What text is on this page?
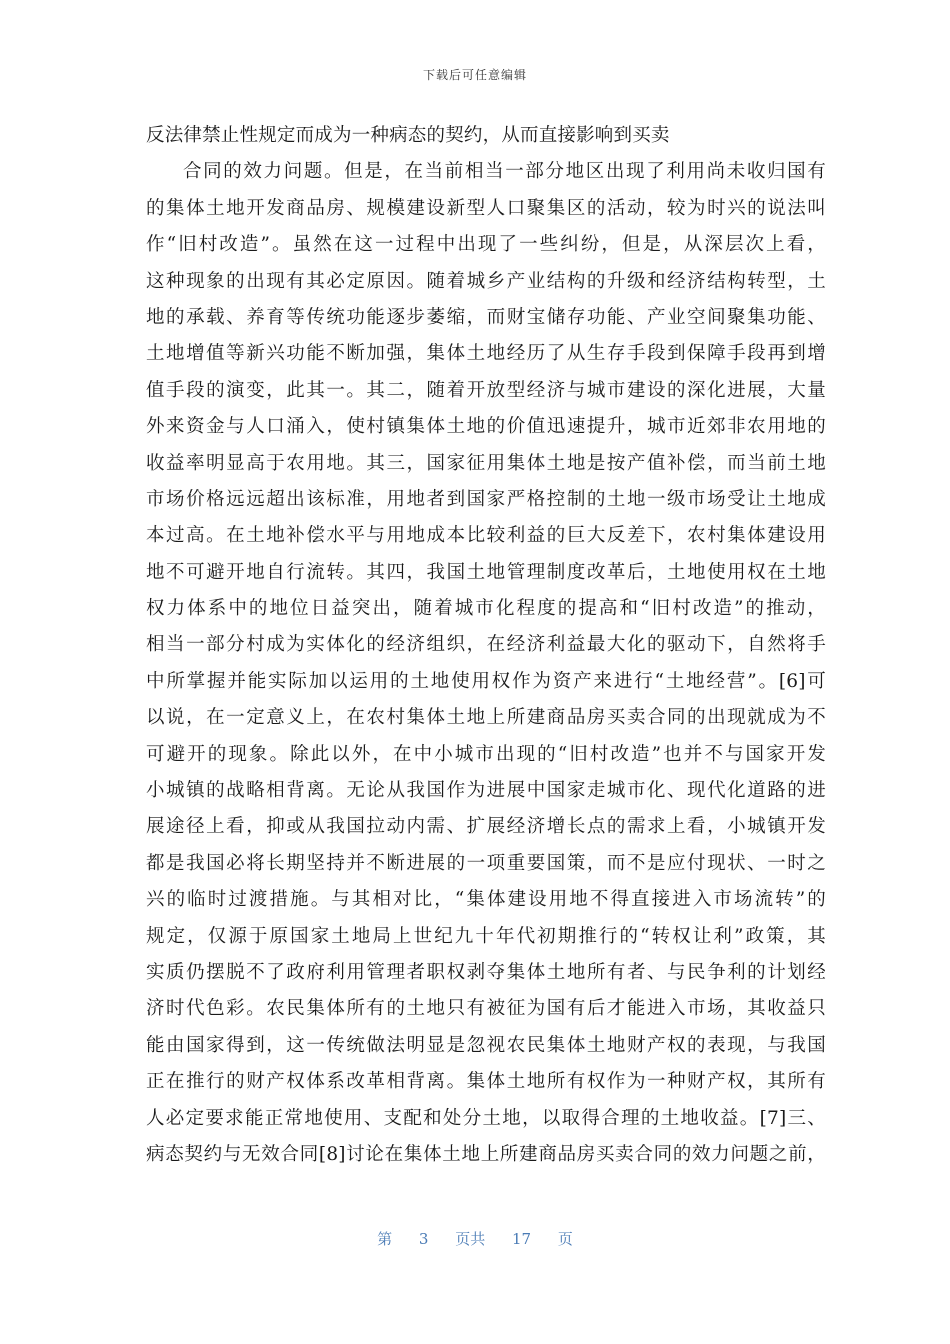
下载后可任意编辑
反法律禁止性规定而成为一种病态的契约，从而直接影响到买卖
合同的效力问题。但是，在当前相当一部分地区出现了利用尚未收归国有
的集体土地开发商品房、规模建设新型人口聚集区的活动，较为时兴的说法叫
作“旧村改造”。虽然在这一过程中出现了一些纠纷，但是，从深层次上看，
这种现象的出现有其必定原因。随着城乡产业结构的升级和经济结构转型，土
地的承载、养育等传统功能逐步萎缩，而财宝储存功能、产业空间聚集功能、
土地增值等新兴功能不断加强，集体土地经历了从生存手段到保障手段再到增
值手段的演变，此其一。其二，随着开放型经济与城市建设的深化进展，大量
外来资金与人口涌入，使村镇集体土地的价值迅速提升，城市近郊非农用地的
收益率明显高于农用地。其三，国家征用集体土地是按产值补偿，而当前土地
市场价格远远超出该标准，用地者到国家严格控制的土地一级市场受让土地成
本过高。在土地补偿水平与用地成本比较利益的巨大反差下，农村集体建设用
地不可避开地自行流转。其四，我国土地管理制度改革后，土地使用权在土地
权力体系中的地位日益突出，随着城市化程度的提高和“旧村改造”的推动，
相当一部分村成为实体化的经济组织，在经济利益最大化的驱动下，自然将手
中所掌握并能实际加以运用的土地使用权作为资产来进行“土地经营”。[6]可
以说，在一定意义上，在农村集体土地上所建商品房买卖合同的出现就成为不
可避开的现象。除此以外，在中小城市出现的“旧村改造”也并不与国家开发
小城镇的战略相背离。无论从我国作为进展中国家走城市化、现代化道路的进
展途径上看，抑或从我国拉动内需、扩展经济增长点的需求上看，小城镇开发
都是我国必将长期坚持并不断进展的一项重要国策，而不是应付现状、一时之
兴的临时过渡措施。与其相对比，“集体建设用地不得直接进入市场流转”的
规定，仅源于原国家土地局上世纪九十年代初期推行的“转权让利”政策，其
实质仍摆脱不了政府利用管理者职权剥夺集体土地所有者、与民争利的计划经
济时代色彩。农民集体所有的土地只有被征为国有后才能进入市场，其收益只
能由国家得到，这一传统做法明显是忽视农民集体土地财产权的表现，与我国
正在推行的财产权体系改革相背离。集体土地所有权作为一种财产权，其所有
人必定要求能正常地使用、支配和处分土地，以取得合理的土地收益。[7]三、
病态契约与无效合同[8]讨论在集体土地上所建商品房买卖合同的效力问题之前，
第 3 页共 17 页
